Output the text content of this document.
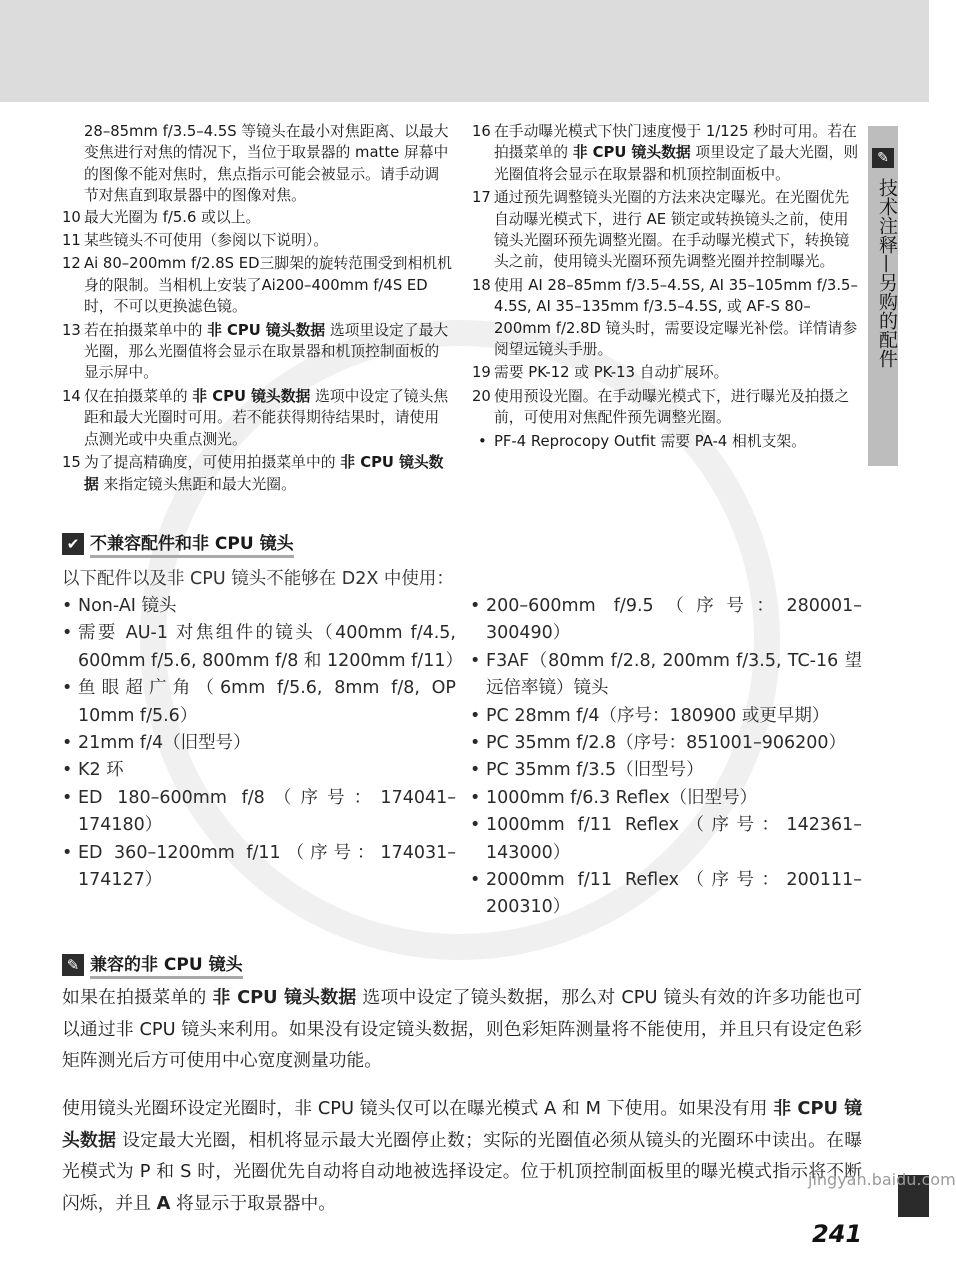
✎
技术注释—另购的配件

28–85mm f/3.5–4.5S 等镜头在最小对焦距离、以最大变焦进行对焦的情况下，当位于取景器的 matte 屏幕中的图像不能对焦时，焦点指示可能会被显示。请手动调节对焦直到取景器中的图像对焦。

10 最大光圈为 f/5.6 或以上。
11 某些镜头不可使用（参阅以下说明）。
12 Ai 80–200mm f/2.8S ED三脚架的旋转范围受到相机机身的限制。当相机上安装了Ai200–400mm f/4S ED 时，不可以更换滤色镜。
13 若在拍摄菜单中的 非 CPU 镜头数据 选项里设定了最大光圈，那么光圈值将会显示在取景器和机顶控制面板的显示屏中。
14 仅在拍摄菜单的 非 CPU 镜头数据 选项中设定了镜头焦距和最大光圈时可用。若不能获得期待结果时，请使用点测光或中央重点测光。
15 为了提高精确度，可使用拍摄菜单中的 非 CPU 镜头数据 来指定镜头焦距和最大光圈。
16 在手动曝光模式下快门速度慢于 1/125 秒时可用。若在拍摄菜单的 非 CPU 镜头数据 项里设定了最大光圈，则光圈值将会显示在取景器和机顶控制面板中。
17 通过预先调整镜头光圈的方法来决定曝光。在光圈优先自动曝光模式下，进行 AE 锁定或转换镜头之前，使用镜头光圈环预先调整光圈。在手动曝光模式下，转换镜头之前，使用镜头光圈环预先调整光圈并控制曝光。
18 使用 AI 28–85mm f/3.5–4.5S, AI 35–105mm f/3.5–4.5S, AI 35–135mm f/3.5–4.5S, 或 AF-S 80–200mm f/2.8D 镜头时，需要设定曝光补偿。详情请参阅望远镜头手册。
19 需要 PK-12 或 PK-13 自动扩展环。
20 使用预设光圈。在手动曝光模式下，进行曝光及拍摄之前，可使用对焦配件预先调整光圈。
• PF-4 Reprocopy Outfit 需要 PA-4 相机支架。
✔ 不兼容配件和非 CPU 镜头
以下配件以及非 CPU 镜头不能够在 D2X 中使用：
• Non-AI 镜头
• 需要 AU-1 对焦组件的镜头（400mm f/4.5, 600mm f/5.6, 800mm f/8 和 1200mm f/11）
• 鱼眼超广角（6mm f/5.6, 8mm f/8, OP 10mm f/5.6）
• 21mm f/4（旧型号）
• K2 环
• ED 180–600mm f/8（序号：174041–174180）
• ED 360–1200mm f/11（序号：174031–174127）
• 200–600mm f/9.5（序号：280001–300490）
• F3AF（80mm f/2.8, 200mm f/3.5, TC-16 望远倍率镜）镜头
• PC 28mm f/4（序号：180900 或更早期）
• PC 35mm f/2.8（序号：851001–906200）
• PC 35mm f/3.5（旧型号）
• 1000mm f/6.3 Reflex（旧型号）
• 1000mm f/11 Reflex（序号：142361–143000）
• 2000mm f/11 Reflex（序号：200111–200310）
✎ 兼容的非 CPU 镜头
如果在拍摄菜单的 非 CPU 镜头数据 选项中设定了镜头数据，那么对 CPU 镜头有效的许多功能也可以通过非 CPU 镜头来利用。如果没有设定镜头数据，则色彩矩阵测量将不能使用，并且只有设定色彩矩阵测光后方可使用中心宽度测量功能。
使用镜头光圈环设定光圈时，非 CPU 镜头仅可以在曝光模式 A 和 M 下使用。如果没有用 非 CPU 镜头数据 设定最大光圈，相机将显示最大光圈停止数；实际的光圈值必须从镜头的光圈环中读出。在曝光模式为 P 和 S 时，光圈优先自动将自动地被选择设定。位于机顶控制面板里的曝光模式指示将不断闪烁，并且 A 将显示于取景器中。
jingyan.baidu.com
241
